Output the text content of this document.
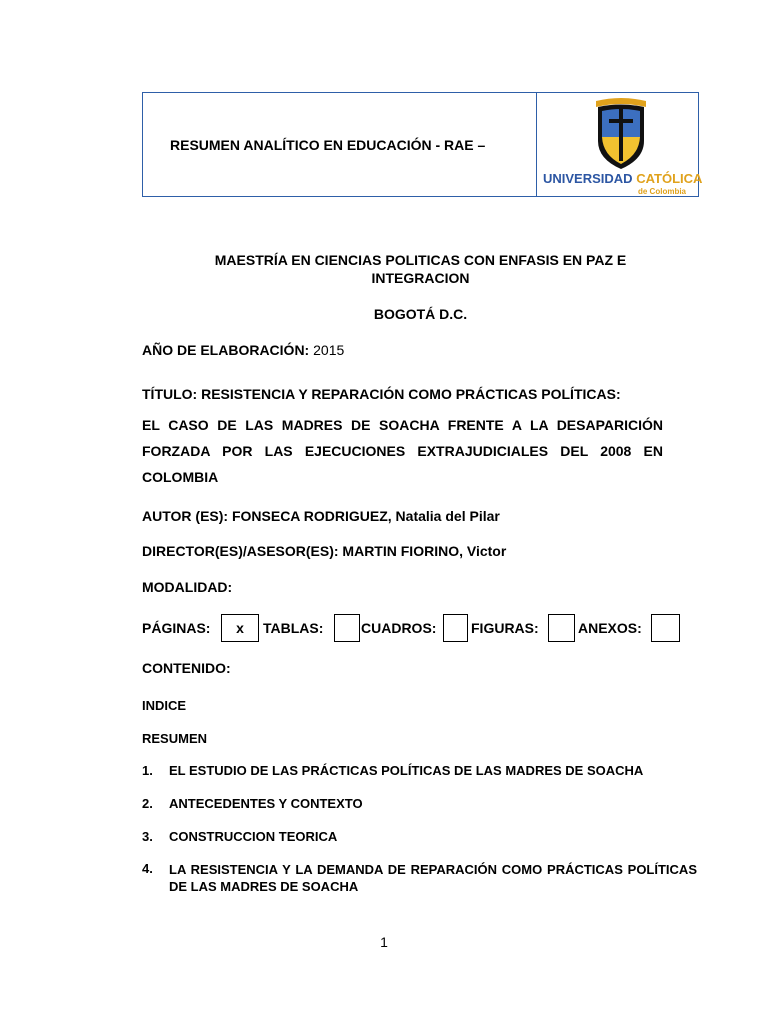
RESUMEN ANALÍTICO EN EDUCACIÓN - RAE –
UNIVERSIDAD CATÓLICA
de Colombia
MAESTRÍA EN CIENCIAS POLITICAS CON ENFASIS EN PAZ E
INTEGRACION
BOGOTÁ D.C.
AÑO DE ELABORACIÓN: 2015
TÍTULO: RESISTENCIA Y REPARACIÓN COMO PRÁCTICAS POLÍTICAS:
EL CASO DE LAS MADRES DE SOACHA FRENTE A LA DESAPARICIÓN FORZADA POR LAS EJECUCIONES EXTRAJUDICIALES DEL 2008 EN COLOMBIA
AUTOR (ES): FONSECA RODRIGUEZ, Natalia del Pilar
DIRECTOR(ES)/ASESOR(ES): MARTIN FIORINO, Victor
MODALIDAD:
PÁGINAS:	x	TABLAS:	CUADROS: FIGURAS:	ANEXOS:
CONTENIDO:
INDICE
RESUMEN
1. EL ESTUDIO DE LAS PRÁCTICAS POLÍTICAS DE LAS MADRES DE SOACHA
2. ANTECEDENTES Y CONTEXTO
3. CONSTRUCCION TEORICA
4. LA RESISTENCIA Y LA DEMANDA DE REPARACIÓN COMO PRÁCTICAS POLÍTICAS DE LAS MADRES DE SOACHA
1
